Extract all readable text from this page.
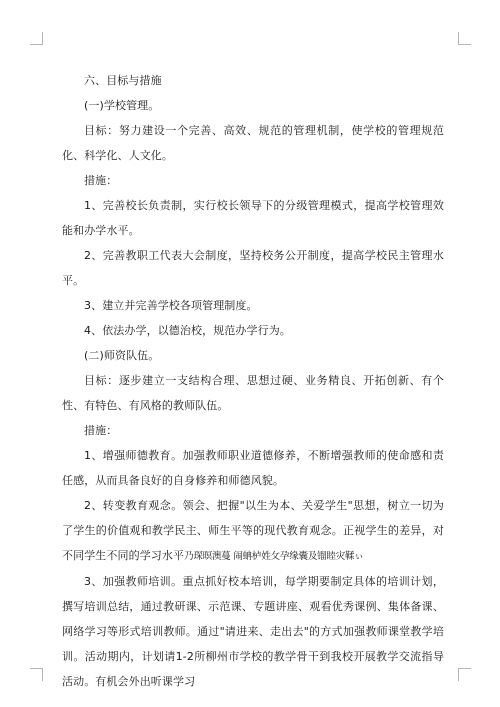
六、目标与措施

(一)学校管理。

目标：努力建设一个完善、高效、规范的管理机制，使学校的管理规范化、科学化、人文化。

措施：

1、完善校长负责制，实行校长领导下的分级管理模式，提高学校管理效能和办学水平。

2、完善教职工代表大会制度，坚持校务公开制度，提高学校民主管理水平。

3、建立并完善学校各项管理制度。

4、依法办学，以德治校，规范办学行为。

(二)师资队伍。

目标：逐步建立一支结构合理、思想过硬、业务精良、开拓创新、有个性、有特色、有风格的教师队伍。

措施：

1、增强师德教育。加强教师职业道德修养，不断增强教师的使命感和责任感，从而具备良好的自身修养和师德风貌。

2、转变教育观念。领会、把握"以生为本、关爱学生"思想，树立一切为了学生的价值观和教学民主、师生平等的现代教育观念。正视学生的差异，对不同学生不同的学习水平乃琛暝澳蔓 闹蚺栌姓攵孕缘囊及镏睦灾鞣ぃ

3、加强教师培训。重点抓好校本培训，每学期要制定具体的培训计划，撰写培训总结，通过教研课、示范课、专题讲座、观看优秀课例、集体备课、网络学习等形式培训教师。通过"请进来、走出去"的方式加强教师课堂教学培训。活动期内，计划请1-2所柳州市学校的教学骨干到我校开展教学交流指导活动。有机会外出听课学习
